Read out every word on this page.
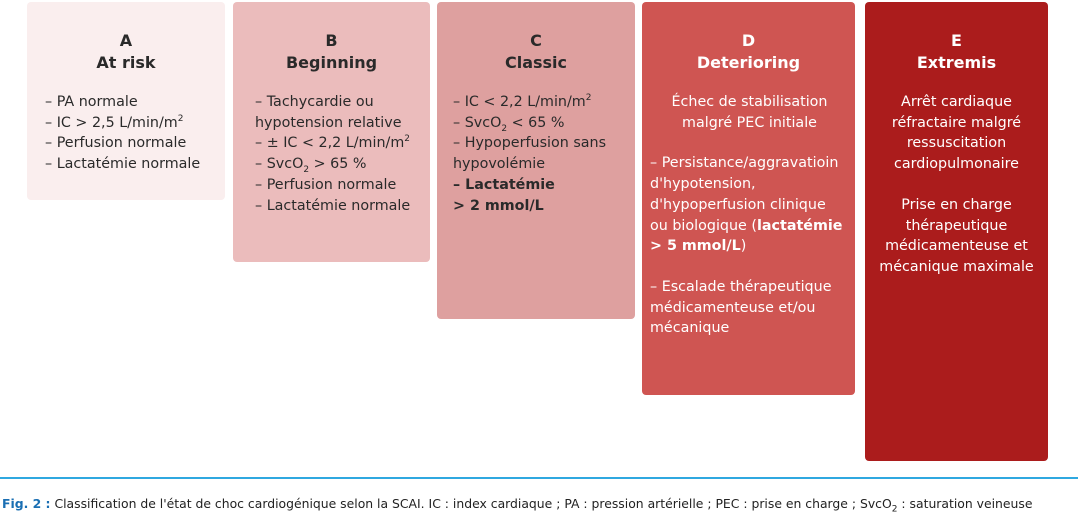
A
At risk
– PA normale
– IC > 2,5 $L/\min/m^2$
– Perfusion normale
– Lactatémie normale
B
Beginning
– Tachycardie ou
hypotension relative
– ± IC < 2,2 $L/\min/m^2$
– SvcO$_2$ > 65 %
– Perfusion normale
– Lactatémie normale
C
Classic
– IC < 2,2 $L/\min/m^2$
– SvcO$_2$ < 65 %
– Hypoperfusion sans
hypovolémie
– Lactatémie
> 2 mmol/L
D
Deterioring
Échec de stabilisation
malgré PEC initiale
– Persistance/aggravatioin
d'hypotension,
d'hypoperfusion clinique
ou biologique (lactatémie
> 5 mmol/L)
– Escalade thérapeutique
médicamenteuse et/ou
mécanique
E
Extremis
Arrêt cardiaque
réfractaire malgré
ressuscitation
cardiopulmonaire
Prise en charge
thérapeutique
médicamenteuse et
mécanique maximale
Fig. 2 : Classification de l'état de choc cardiogénique selon la SCAI. IC : index cardiaque ; PA : pression artérielle ; PEC : prise en charge ; SvcO$_2$ : saturation veineuse
